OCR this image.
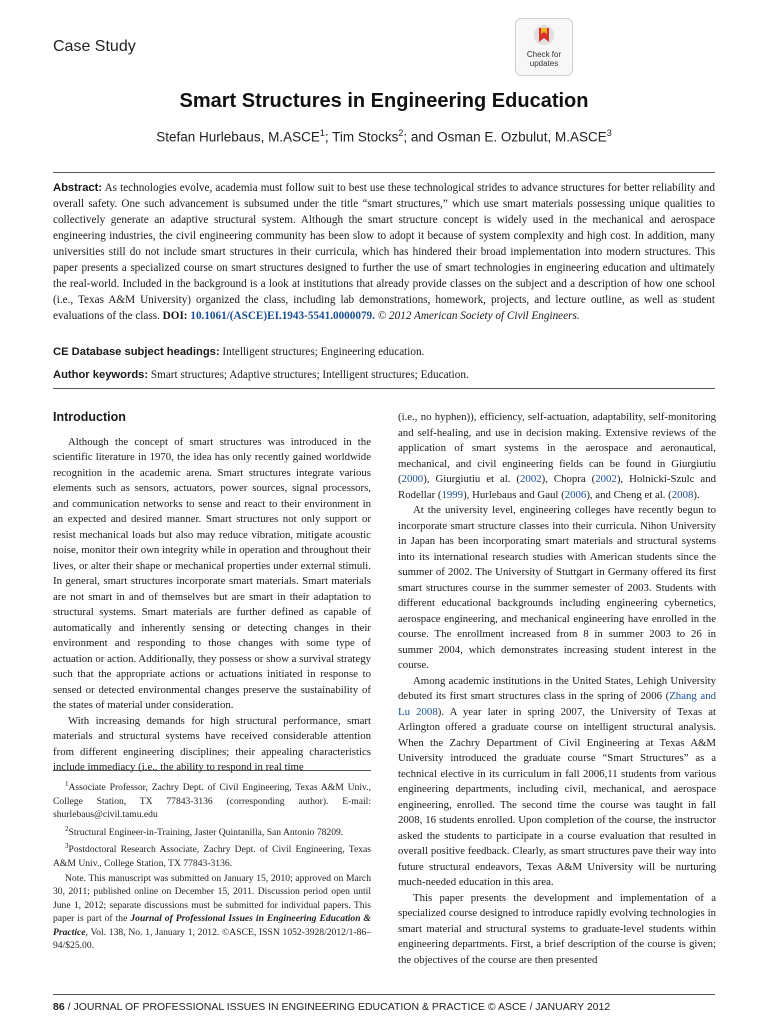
Case Study	Check for
updates
Smart Structures in Engineering Education
Stefan Hurlebaus, M.ASCE$^1$; Tim Stocks$^2$; and Osman E. Ozbulut, M.ASCE$^3$
Abstract: As technologies evolve, academia must follow suit to best use these technological strides to advance structures for better reliability and overall safety. One such advancement is subsumed under the title “smart structures,” which use smart materials possessing unique qualities to collectively generate an adaptive structural system. Although the smart structure concept is widely used in the mechanical and aerospace engineering industries, the civil engineering community has been slow to adopt it because of system complexity and high cost. In addition, many universities still do not include smart structures in their curricula, which has hindered their broad implementation into modern structures. This paper presents a specialized course on smart structures designed to further the use of smart technologies in engineering education and ultimately the real-world. Included in the background is a look at institutions that already provide classes on the subject and a description of how one school (i.e., Texas A&M University) organized the class, including lab demonstrations, homework, projects, and lecture outline, as well as student evaluations of the class. DOI: 10.1061/(ASCE)EI.1943-5541.0000079. © 2012 American Society of Civil Engineers.
CE Database subject headings: Intelligent structures; Engineering education.
Author keywords: Smart structures; Adaptive structures; Intelligent structures; Education.
Introduction

Although the concept of smart structures was introduced in the scientific literature in 1970, the idea has only recently gained worldwide recognition in the academic arena. Smart structures integrate various elements such as sensors, actuators, power sources, signal processors, and communication networks to sense and react to their environment in an expected and desired manner. Smart structures not only support or resist mechanical loads but also may reduce vibration, mitigate acoustic noise, monitor their own integrity while in operation and throughout their lives, or alter their shape or mechanical properties under external stimuli. In general, smart structures incorporate smart materials. Smart materials are not smart in and of themselves but are smart in their adaptation to structural systems. Smart materials are further defined as capable of automatically and inherently sensing or detecting changes in their environment and responding to those changes with some type of actuation or action. Additionally, they possess or show a survival strategy such that the appropriate actions or actuations initiated in response to sensed or detected environmental changes preserve the sustainability of the states of material under consideration.

With increasing demands for high structural performance, smart materials and structural systems have received considerable attention from different engineering disciplines; their appealing characteristics include immediacy (i.e., the ability to respond in real time

$^1$Associate Professor, Zachry Dept. of Civil Engineering, Texas A&M Univ., College Station, TX 77843-3136 (corresponding author). E-mail: shurlebaus@civil.tamu.edu

$^2$Structural Engineer-in-Training, Jaster Quintanilla, San Antonio 78209.

$^3$Postdoctoral Research Associate, Zachry Dept. of Civil Engineering, Texas A&M Univ., College Station, TX 77843-3136.

Note. This manuscript was submitted on January 15, 2010; approved on March 30, 2011; published online on December 15, 2011. Discussion period open until June 1, 2012; separate discussions must be submitted for individual papers. This paper is part of the Journal of Professional Issues in Engineering Education & Practice, Vol. 138, No. 1, January 1, 2012. ©ASCE, ISSN 1052-3928/2012/1-86–94/$25.00.

(i.e., no hyphen)), efficiency, self-actuation, adaptability, self-monitoring and self-healing, and use in decision making. Extensive reviews of the application of smart systems in the aerospace and aeronautical, mechanical, and civil engineering fields can be found in Giurgiutiu (2000), Giurgiutiu et al. (2002), Chopra (2002), Holnicki-Szulc and Rodellar (1999), Hurlebaus and Gaul (2006), and Cheng et al. (2008).

At the university level, engineering colleges have recently begun to incorporate smart structure classes into their curricula. Nihon University in Japan has been incorporating smart materials and structural systems into its international research studies with American students since the summer of 2002. The University of Stuttgart in Germany offered its first smart structures course in the summer semester of 2003. Students with different educational backgrounds including engineering cybernetics, aerospace engineering, and mechanical engineering have enrolled in the course. The enrollment increased from 8 in summer 2003 to 26 in summer 2004, which demonstrates increasing student interest in the course.

Among academic institutions in the United States, Lehigh University debuted its first smart structures class in the spring of 2006 (Zhang and Lu 2008). A year later in spring 2007, the University of Texas at Arlington offered a graduate course on intelligent structural analysis. When the Zachry Department of Civil Engineering at Texas A&M University introduced the graduate course “Smart Structures” as a technical elective in its curriculum in fall 2006,11 students from various engineering departments, including civil, mechanical, and aerospace engineering, enrolled. The second time the course was taught in fall 2008, 16 students enrolled. Upon completion of the course, the instructor asked the students to participate in a course evaluation that resulted in overall positive feedback. Clearly, as smart structures pave their way into future structural endeavors, Texas A&M University will be nurturing much-needed education in this area.

This paper presents the development and implementation of a specialized course designed to introduce rapidly evolving technologies in smart material and structural systems to graduate-level students within engineering departments. First, a brief description of the course is given; the objectives of the course are then presented

86 / JOURNAL OF PROFESSIONAL ISSUES IN ENGINEERING EDUCATION & PRACTICE © ASCE / JANUARY 2012
